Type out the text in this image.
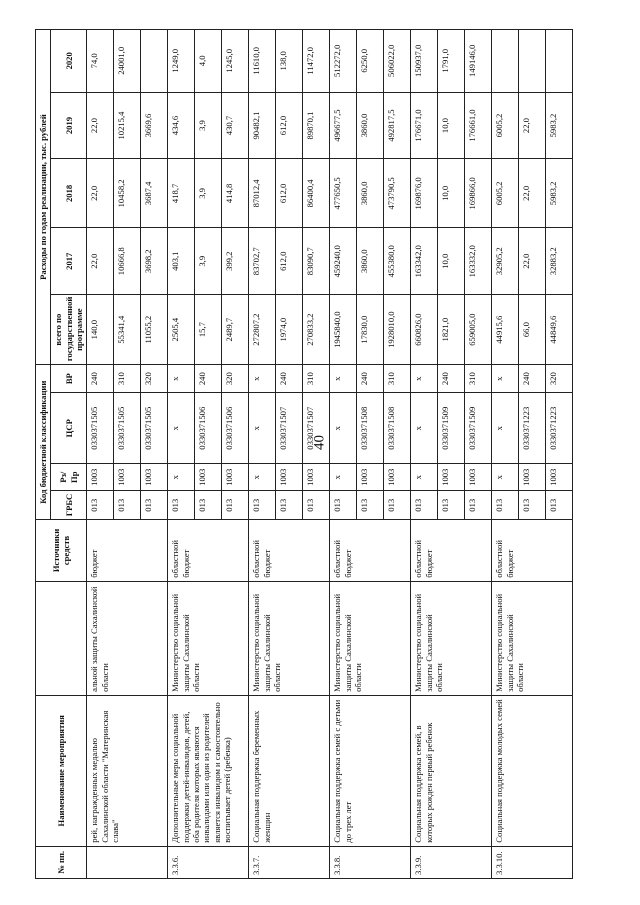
40
№ пп.	Наименование мероприятия		Источники средств	Код бюджетной классификации				Расходы по годам реализации, тыс. рублей				
				ГРБС	Рз/ Пр	ЦСР	ВР	всего по государственной программе	2017	2018	2019	2020
	рей, награжденных медалью Сахалинской области "Материнская слава"	альной защиты Сахалинской области	бюджет	013	1003	0330371505	240	140,0	22,0	22,0	22,0	74,0
				013	1003	0330371505	310	55341,4	10666,8	10458,2	10215,4	24001,0
				013	1003	0330371505	320	11055,2	3698,2	3687,4	3669,6	
3.3.6.	Дополнительные меры социальной поддержки детей-инвалидов, детей, оба родителя которых являются инвалидами или один из родителей является инвалидом и самостоятельно воспитывает детей (ребенка)	Министерство социальной защиты Сахалинской области	областной бюджет	013	x	x	x	2505,4	403,1	418,7	434,6	1249,0
				013	1003	0330371506	240	15,7	3,9	3,9	3,9	4,0
				013	1003	0330371506	320	2489,7	399,2	414,8	430,7	1245,0
3.3.7.	Социальная поддержка беременных женщин	Министерство социальной защиты Сахалинской области	областной бюджет	013	x	x	x	272807,2	83702,7	87012,4	90482,1	11610,0
				013	1003	0330371507	240	1974,0	612,0	612,0	612,0	138,0
				013	1003	0330371507	310	270833,2	83090,7	86400,4	89870,1	11472,0
3.3.8.	Социальная поддержка семей с детьми до трех лет	Министерство социальной защиты Сахалинской области	областной бюджет	013	x	x	x	1945840,0	459240,0	477650,5	496677,5	512272,0
				013	1003	0330371508	240	17830,0	3860,0	3860,0	3860,0	6250,0
				013	1003	0330371508	310	1928010,0	455380,0	473790,5	492817,5	506022,0
3.3.9.	Социальная поддержка семей, в которых рожден первый ребенок	Министерство социальной защиты Сахалинской области	областной бюджет	013	x	x	x	660826,0	163342,0	169876,0	176671,0	150937,0
				013	1003	0330371509	240	1821,0	10,0	10,0	10,0	1791,0
				013	1003	0330371509	310	659005,0	163332,0	169866,0	176661,0	149146,0
3.3.10.	Социальная поддержка молодых семей	Министерство социальной защиты Сахалинской области	областной бюджет	013	x	x	x	44915,6	32905,2	6005,2	6005,2	
				013	1003	0330371223	240	66,0	22,0	22,0	22,0	
				013	1003	0330371223	320	44849,6	32883,2	5983,2	5983,2	
